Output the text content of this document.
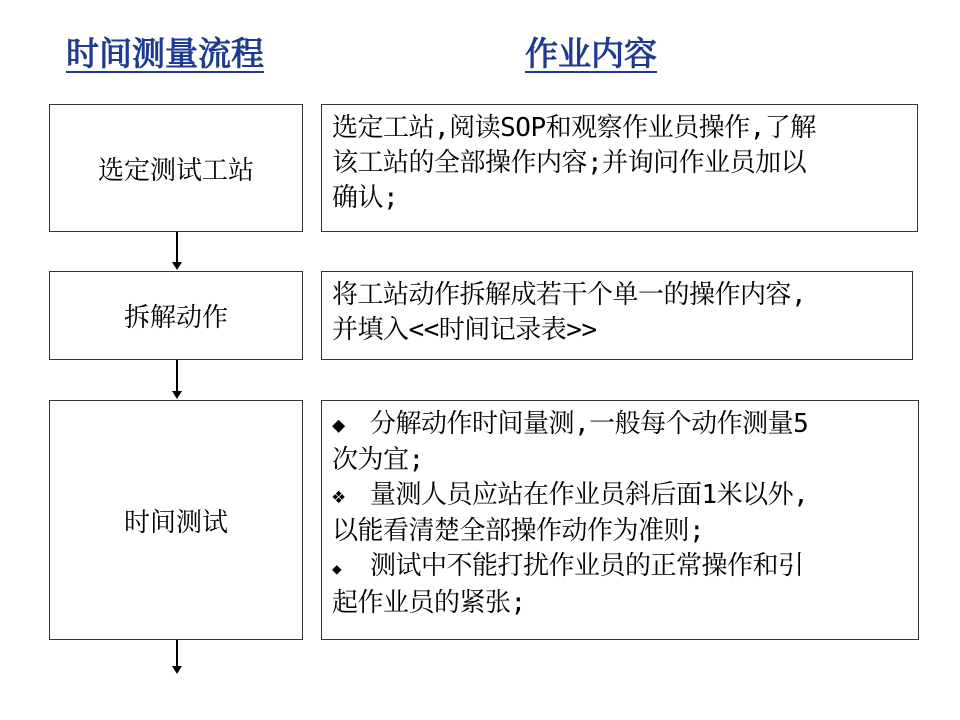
时间测量流程	作业内容
选定测试工站
选定工站,阅读SOP和观察作业员操作,了解
该工站的全部操作内容;并询问作业员加以
确认;
拆解动作
将工站动作拆解成若干个单一的操作内容,
并填入<<时间记录表>>
时间测试
◆ 分解动作时间量测,一般每个动作测量5
次为宜;
❖ 量测人员应站在作业员斜后面1米以外,
以能看清楚全部操作动作为准则;
◆ 测试中不能打扰作业员的正常操作和引
起作业员的紧张;
